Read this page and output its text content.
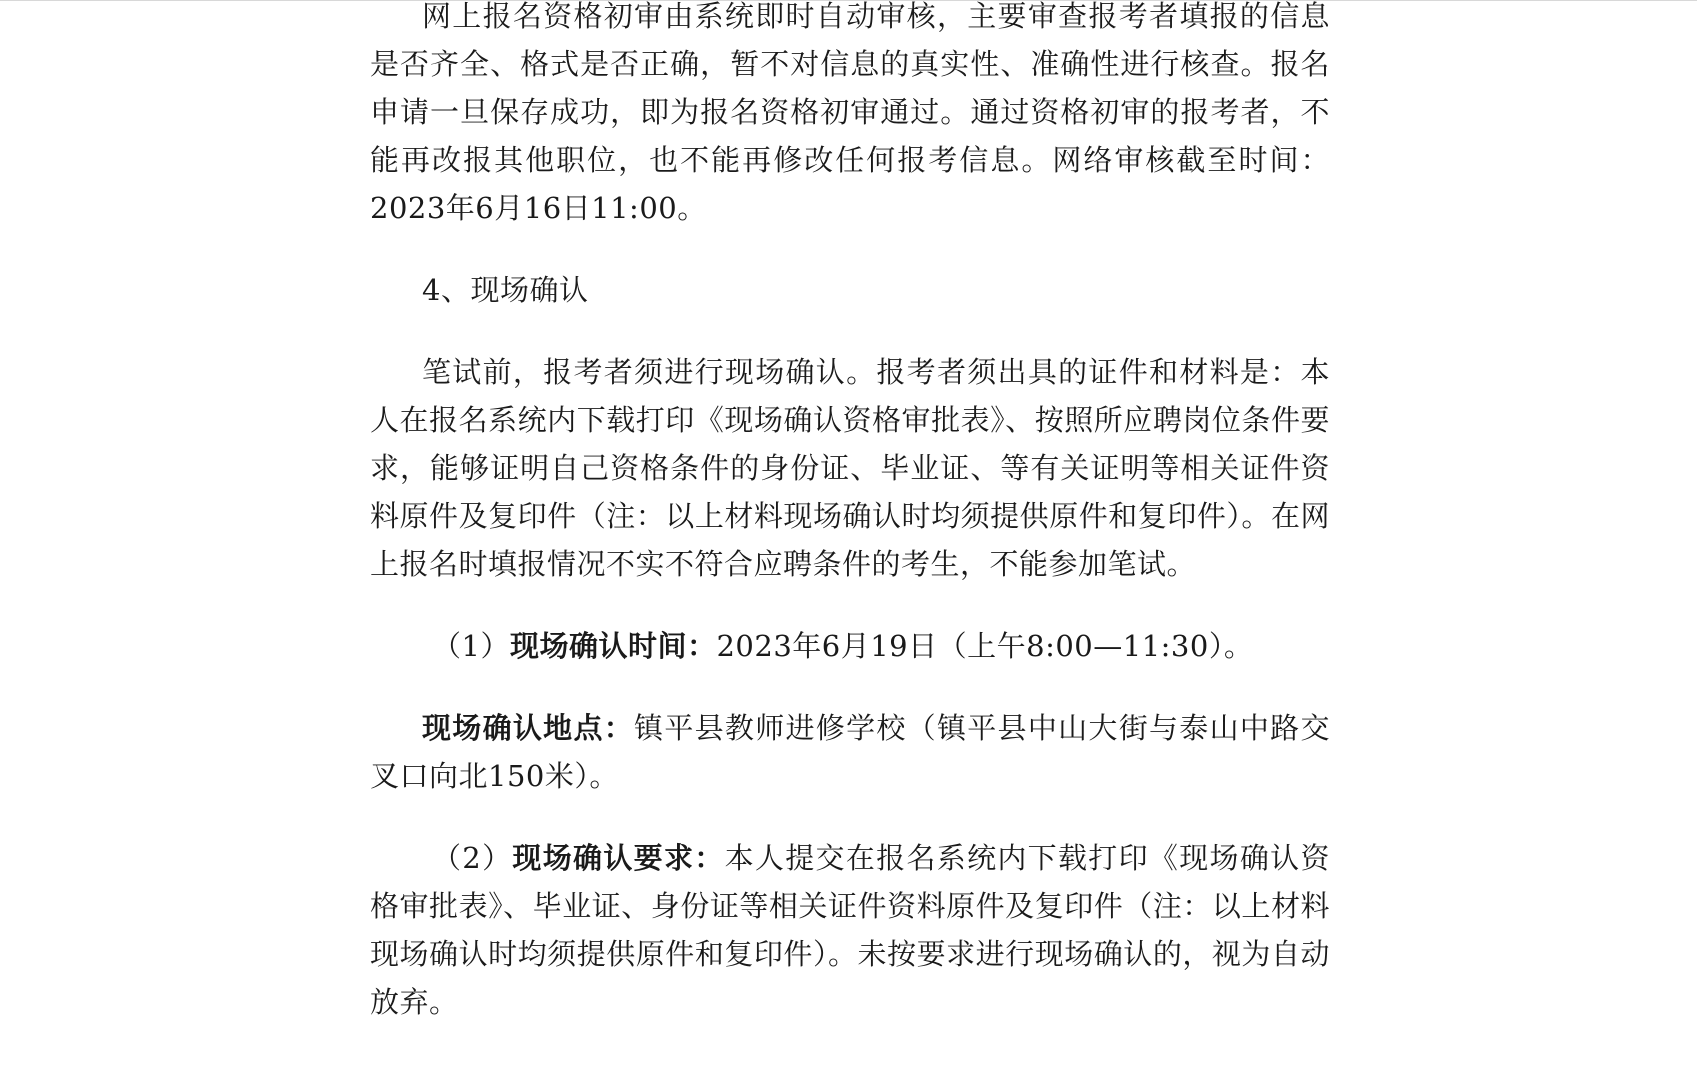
网上报名资格初审由系统即时自动审核，主要审查报考者填报的信息是否齐全、格式是否正确，暂不对信息的真实性、准确性进行核查。报名申请一旦保存成功，即为报名资格初审通过。通过资格初审的报考者，不能再改报其他职位，也不能再修改任何报考信息。网络审核截至时间：2023年6月16日11:00。

4、现场确认

笔试前，报考者须进行现场确认。报考者须出具的证件和材料是：本人在报名系统内下载打印《现场确认资格审批表》、按照所应聘岗位条件要求，能够证明自己资格条件的身份证、毕业证、等有关证明等相关证件资料原件及复印件（注：以上材料现场确认时均须提供原件和复印件）。在网上报名时填报情况不实不符合应聘条件的考生，不能参加笔试。

（1）现场确认时间：2023年6月19日（上午8:00—11:30）。

现场确认地点：镇平县教师进修学校（镇平县中山大街与泰山中路交叉口向北150米）。

（2）现场确认要求：本人提交在报名系统内下载打印《现场确认资格审批表》、毕业证、身份证等相关证件资料原件及复印件（注：以上材料现场确认时均须提供原件和复印件）。未按要求进行现场确认的，视为自动放弃。
